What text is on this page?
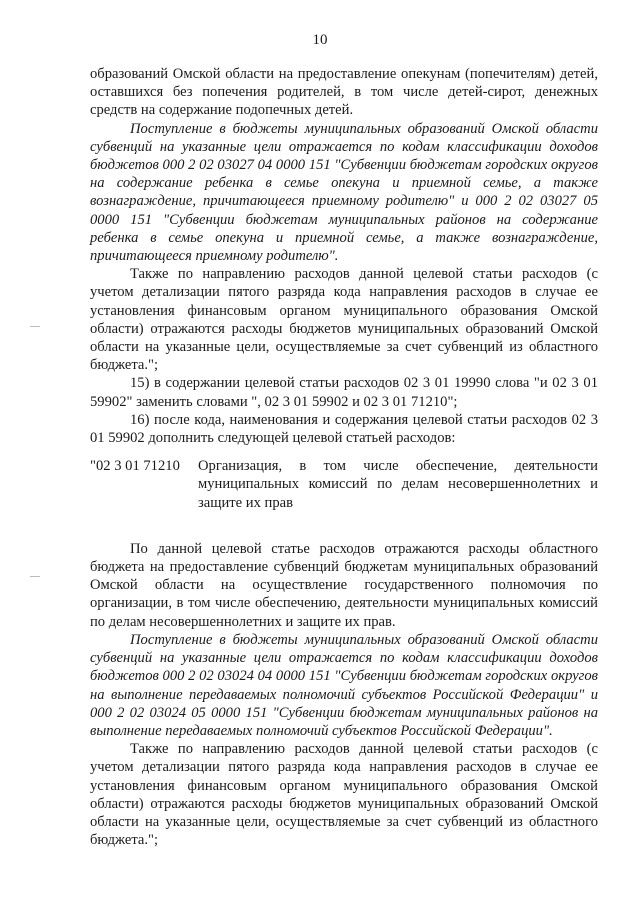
10

образований Омской области на предоставление опекунам (попечителям) детей, оставшихся без попечения родителей, в том числе детей-сирот, денежных средств на содержание подопечных детей.

Поступление в бюджеты муниципальных образований Омской области субвенций на указанные цели отражается по кодам классификации доходов бюджетов 000 2 02 03027 04 0000 151 "Субвенции бюджетам городских округов на содержание ребенка в семье опекуна и приемной семье, а также вознаграждение, причитающееся приемному родителю" и 000 2 02 03027 05 0000 151 "Субвенции бюджетам муниципальных районов на содержание ребенка в семье опекуна и приемной семье, а также вознаграждение, причитающееся приемному родителю".

Также по направлению расходов данной целевой статьи расходов (с учетом детализации пятого разряда кода направления расходов в случае ее установления финансовым органом муниципального образования Омской области) отражаются расходы бюджетов муниципальных образований Омской области на указанные цели, осуществляемые за счет субвенций из областного бюджета.";

15) в содержании целевой статьи расходов 02 3 01 19990 слова "и 02 3 01 59902" заменить словами ", 02 3 01 59902 и 02 3 01 71210";

16) после кода, наименования и содержания целевой статьи расходов 02 3 01 59902 дополнить следующей целевой статьей расходов:

"02 3 01 71210	Организация, в том числе обеспечение, деятельности муниципальных комиссий по делам несовершеннолетних и защите их прав

По данной целевой статье расходов отражаются расходы областного бюджета на предоставление субвенций бюджетам муниципальных образований Омской области на осуществление государственного полномочия по организации, в том числе обеспечению, деятельности муниципальных комиссий по делам несовершеннолетних и защите их прав.

Поступление в бюджеты муниципальных образований Омской области субвенций на указанные цели отражается по кодам классификации доходов бюджетов 000 2 02 03024 04 0000 151 "Субвенции бюджетам городских округов на выполнение передаваемых полномочий субъектов Российской Федерации" и 000 2 02 03024 05 0000 151 "Субвенции бюджетам муниципальных районов на выполнение передаваемых полномочий субъектов Российской Федерации".

Также по направлению расходов данной целевой статьи расходов (с учетом детализации пятого разряда кода направления расходов в случае ее установления финансовым органом муниципального образования Омской области) отражаются расходы бюджетов муниципальных образований Омской области на указанные цели, осуществляемые за счет субвенций из областного бюджета.";
